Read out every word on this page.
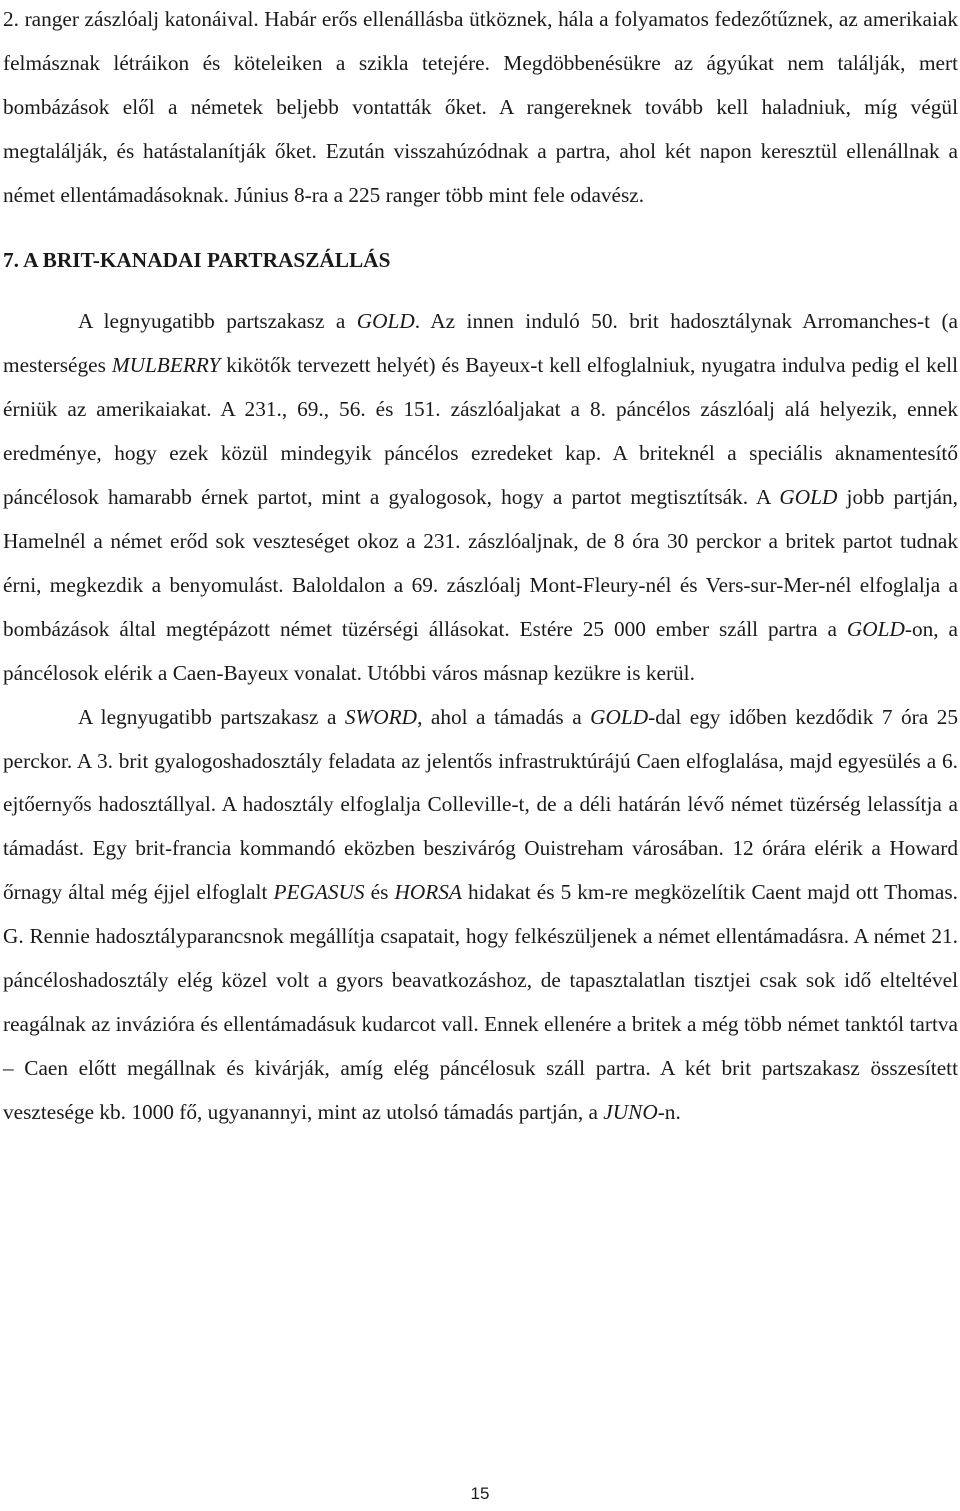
2. ranger zászlóalj katonáival. Habár erős ellenállásba ütköznek, hála a folyamatos fedezőtűznek, az amerikaiak felmásznak létráikon és köteleiken a szikla tetejére. Megdöbbenésükre az ágyúkat nem találják, mert bombázások elől a németek beljebb vontatták őket. A rangereknek tovább kell haladniuk, míg végül megtalálják, és hatástalanítják őket. Ezután visszahúzódnak a partra, ahol két napon keresztül ellenállnak a német ellentámadásoknak. Június 8-ra a 225 ranger több mint fele odavész.

7. A BRIT-KANADAI PARTRASZÁLLÁS

A legnyugatibb partszakasz a GOLD. Az innen induló 50. brit hadosztálynak Arromanches-t (a mesterséges MULBERRY kikötők tervezett helyét) és Bayeux-t kell elfoglalniuk, nyugatra indulva pedig el kell érniük az amerikaiakat. A 231., 69., 56. és 151. zászlóaljakat a 8. páncélos zászlóalj alá helyezik, ennek eredménye, hogy ezek közül mindegyik páncélos ezredeket kap. A briteknél a speciális aknamentesítő páncélosok hamarabb érnek partot, mint a gyalogosok, hogy a partot megtisztítsák. A GOLD jobb partján, Hamelnél a német erőd sok veszteséget okoz a 231. zászlóaljnak, de 8 óra 30 perckor a britek partot tudnak érni, megkezdik a benyomulást. Baloldalon a 69. zászlóalj Mont-Fleury-nél és Vers-sur-Mer-nél elfoglalja a bombázások által megtépázott német tüzérségi állásokat. Estére 25 000 ember száll partra a GOLD-on, a páncélosok elérik a Caen-Bayeux vonalat. Utóbbi város másnap kezükre is kerül.

A legnyugatibb partszakasz a SWORD, ahol a támadás a GOLD-dal egy időben kezdődik 7 óra 25 perckor. A 3. brit gyalogoshadosztály feladata az jelentős infrastruktúrájú Caen elfoglalása, majd egyesülés a 6. ejtőernyős hadosztállyal. A hadosztály elfoglalja Colleville-t, de a déli határán lévő német tüzérség lelassítja a támadást. Egy brit-francia kommandó eközben besziváróg Ouistreham városában. 12 órára elérik a Howard őrnagy által még éjjel elfoglalt PEGASUS és HORSA hidakat és 5 km-re megközelítik Caent majd ott Thomas. G. Rennie hadosztályparancsnok megállítja csapatait, hogy felkészüljenek a német ellentámadásra. A német 21. páncéloshadosztály elég közel volt a gyors beavatkozáshoz, de tapasztalatlan tisztjei csak sok idő elteltével reagálnak az invázióra és ellentámadásuk kudarcot vall. Ennek ellenére a britek a még több német tanktól tartva – Caen előtt megállnak és kivárják, amíg elég páncélosuk száll partra. A két brit partszakasz összesített vesztesége kb. 1000 fő, ugyanannyi, mint az utolsó támadás partján, a JUNO-n.

15
